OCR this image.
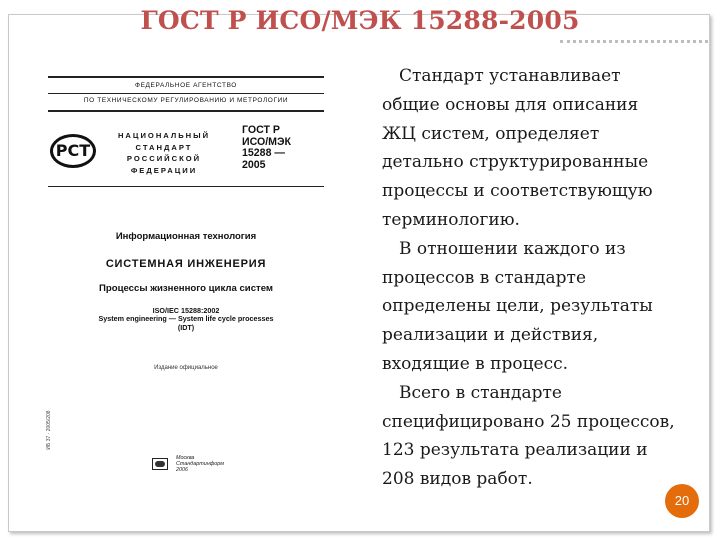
ГОСТ Р ИСО/МЭК 15288-2005
ФЕДЕРАЛЬНОЕ АГЕНТСТВО
ПО ТЕХНИЧЕСКОМУ РЕГУЛИРОВАНИЮ И МЕТРОЛОГИИ
РСТ
НАЦИОНАЛЬНЫЙ
СТАНДАРТ
РОССИЙСКОЙ
ФЕДЕРАЦИИ
ГОСТ Р
ИСО/МЭК
15288 —
2005
Информационная технология
СИСТЕМНАЯ ИНЖЕНЕРИЯ
Процессы жизненного цикла систем
ISO/IEC 15288:2002
System engineering — System life cycle processes
(IDT)
Издание официальное
ИБ 37 · 2005/208
Москва
Стандартинформ
2006
Стандарт устанавливает
общие основы для описания
ЖЦ систем, определяет
детально структурированные
процессы и соответствующую
терминологию.
В отношении каждого из
процессов в стандарте
определены цели, результаты
реализации и действия,
входящие в процесс.
Всего в стандарте
специфицировано 25 процессов,
123 результата реализации и
208 видов работ.
20
